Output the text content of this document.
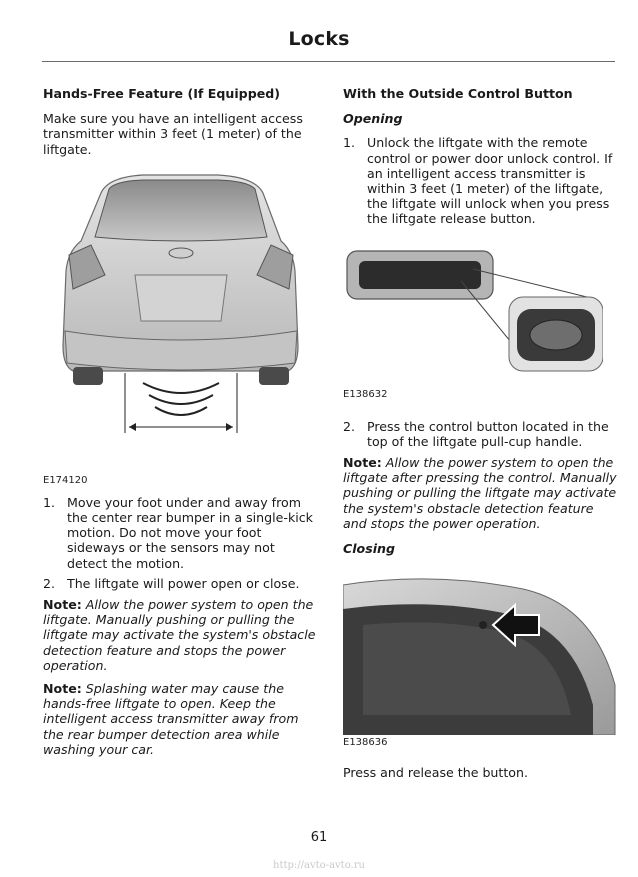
Locks
Hands-Free Feature (If Equipped)

Make sure you have an intelligent access transmitter within 3 feet (1 meter) of the liftgate.

E174120
1. Move your foot under and away from the center rear bumper in a single-kick motion. Do not move your foot sideways or the sensors may not detect the motion.
2. The liftgate will power open or close.

Note: Allow the power system to open the liftgate. Manually pushing or pulling the liftgate may activate the system's obstacle detection feature and stops the power operation.

Note: Splashing water may cause the hands-free liftgate to open. Keep the intelligent access transmitter away from the rear bumper detection area while washing your car.

With the Outside Control Button
Opening
1. Unlock the liftgate with the remote control or power door unlock control. If an intelligent access transmitter is within 3 feet (1 meter) of the liftgate, the liftgate will unlock when you press the liftgate release button.
E138632
2. Press the control button located in the top of the liftgate pull-cup handle.

Note: Allow the power system to open the liftgate after pressing the control. Manually pushing or pulling the liftgate may activate the system's obstacle detection feature and stops the power operation.

Closing
E138636

Press and release the button.

61
http://avto-avto.ru
